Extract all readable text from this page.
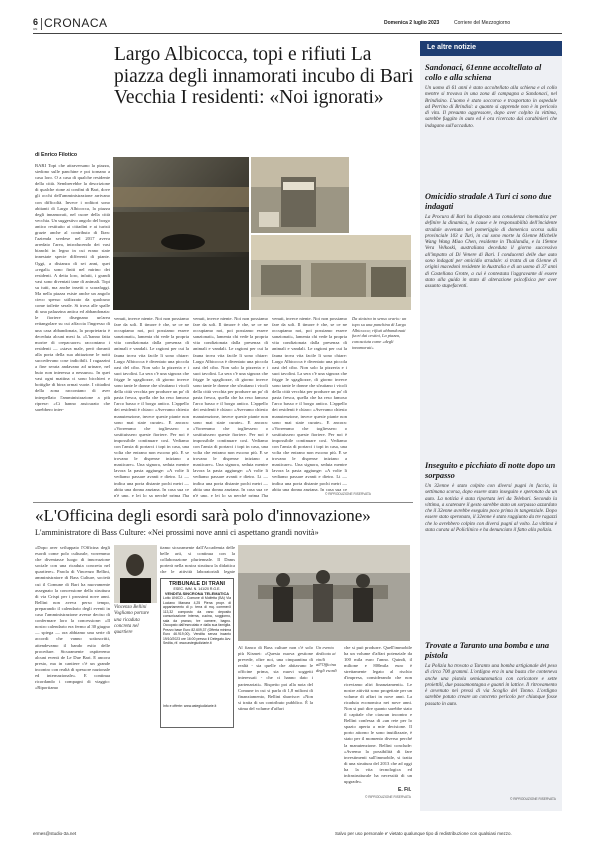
6
UN CRONACA	Domenica 2 luglio 2023	Corriere del Mezzogiorno
Largo Albicocca, topi e rifiuti La piazza degli innamorati incubo di Bari Vecchia I residenti: «Noi ignorati»
di Enrico Filotico
BARI Topi che attraversano la piazza, siedono sulle panchine e poi tornano a casa loro. O a casa di qualche residente della città. Sembrerebbe la descrizione di qualche rione ai confini di Bari, dove gli occhi dell'amministrazione arrivano con difficoltà. Invece i roditori sono abitanti di Largo Albicocca, la piazza degli innamorati, nel cuore della città vecchia. Un suggestivo angolo del borgo antico restituito ai cittadini e ai turisti grazie anche al contributo di Ikea: l'azienda svedese nel 2017 aveva arredato l'area, introducendo dei vasi bianchi in legno in cui erano state innestate specie differenti di piante. Oggi, a distanza di sei anni, quei «regali» sono finiti nel mirino dei residenti. A detta loro, infatti, i grandi vasi sono diventati tane di animali. Topi su tutti, ma anche insetti o scarafaggi. Ma nella piazza esiste anche un angolo cieco spesso utilizzato da qualcuno come toilette serale. Si trova alle spalle di una palazzina antica ed abbandonata: le fioriere disegnano un'area rettangolare su cui affaccia l'ingresso di una casa abbandonata, la proprietaria è deceduta alcuni mesi fa. «L'hanno fatta morire di crepacuore» raccontano i residenti — «stava male, però davanti alla porta della sua abitazione le notti succedevano cose indicibili. I ragazzini a fine serata andavano ad urinare, nel buio non interessa a nessuno». In quei vasi ogni mattina ci sono bicchieri e bottiglie di birra ormai vuote. I cittadini della zona raccontano di aver interpellato l'amministrazione a più riprese: «Ci hanno assicurato che sarebbero inter-
venuti, invece niente. Noi non possiamo fare da soli. Il timore è che, se ce ne occupiamo noi, poi possiamo essere sanzionati», lamenta chi vede la propria vita condizionata dalla presenza di animali e vandali. Le ragioni per cui la fauna trova vita facile lì sono chiare: Largo Albicocca è diventato una piccola oasi del cibo. Non solo la pizzeria e i suoi tavolini. La sera c'è una signora che frigge le sgagliozze, di giorno invece sono tante le donne che sfruttano i vicoli della città vecchia per produrre un po' di pasta fresca, quella che ha reso famoso l'arco basso e il borgo antico. L'appello dei residenti è chiaro: «Avevamo chiesto manutenzione, invece queste piante non sono mai state curate». E ancora: «Vorremmo che togliessero o sostituissero queste fioriere. Per noi è impossibile continuare così. Vediamo con l'ansia di portarci i topi in casa, una volta che entrano non escono più. E se trovano le dispense iniziano a masticare». Una signora, seduta mentre lavora la pasta aggiunge: «A volte li vediamo passare avanti e dietro. Li — indica una porta distante pochi metri — abita una donna anziana. In casa sua ce n'è uno, e lei lo sa perché prima l'ha
venuti, invece niente. Noi non possiamo fare da soli. Il timore è che, se ce ne occupiamo noi, poi possiamo essere sanzionati», lamenta chi vede la propria vita condizionata dalla presenza di animali e vandali. Le ragioni per cui la fauna trova vita facile lì sono chiare: Largo Albicocca è diventato una piccola oasi del cibo. Non solo la pizzeria e i suoi tavolini. La sera c'è una signora che frigge le sgagliozze, di giorno invece sono tante le donne che sfruttano i vicoli della città vecchia per produrre un po' di pasta fresca, quella che ha reso famoso l'arco basso e il borgo antico. L'appello dei residenti è chiaro: «Avevamo chiesto manutenzione, invece queste piante non sono mai state curate». E ancora: «Vorremmo che togliessero o sostituissero queste fioriere. Per noi è impossibile continuare così. Vediamo con l'ansia di portarci i topi in casa, una volta che entrano non escono più. E se trovano le dispense iniziano a masticare». Una signora, seduta mentre lavora la pasta aggiunge: «A volte li vediamo passare avanti e dietro. Li — indica una porta distante pochi metri — abita una donna anziana. In casa sua ce n'è uno, e lei lo sa perché prima l'ha
venuti, invece niente. Noi non possiamo fare da soli. Il timore è che, se ce ne occupiamo noi, poi possiamo essere sanzionati», lamenta chi vede la propria vita condizionata dalla presenza di animali e vandali. Le ragioni per cui la fauna trova vita facile lì sono chiare: Largo Albicocca è diventato una piccola oasi del cibo. Non solo la pizzeria e i suoi tavolini. La sera c'è una signora che frigge le sgagliozze, di giorno invece sono tante le donne che sfruttano i vicoli della città vecchia per produrre un po' di pasta fresca, quella che ha reso famoso l'arco basso e il borgo antico. L'appello dei residenti è chiaro: «Avevamo chiesto manutenzione, invece queste piante non sono mai state curate». E ancora: «Vorremmo che togliessero o sostituissero queste fioriere. Per noi è impossibile continuare così. Vediamo con l'ansia di portarci i topi in casa, una volta che entrano non escono più. E se trovano le dispense iniziano a masticare». Una signora, seduta mentre lavora la pasta aggiunge: «A volte li vediamo passare avanti e dietro. Li — indica una porta distante pochi metri — abita una donna anziana. In casa sua ce
Da sinistra in senso orario: un topo su una panchina di Largo Albicocca; rifiuti abbandonati fuori dai cestini, La piazza, conosciuta come «degli innamorati»
© RIPRODUZIONE RISERVATA
«L'Officina degli esordi sarà polo d'innovazione»
L'amministratore di Bass Culture: «Nei prossimi nove anni ci aspettano grandi novità»
«Dopo aver sviluppato l'Officina degli esordi come polo culturale, vorremmo che diventasse luogo di innovazione sociale con una ricaduta concreta nel quartiere». Parola di Vincenzo Bellini, amministratore di Bass Culture, società cui il Comune di Bari ha nuovamente assegnato la concessione della struttura di via Crispi per i prossimi nove anni. Bellini non aveva perso tempo, preparando il calendario degli eventi in caso l'amministrazione avesse deciso di confermare loro la concessione: «Il nostro calendario era fermo al 30 giugno — spiega — ora abbiamo una serie di accordi che vanno sottoscritti, attendevamo il bando esito delle procedure. Sicuramente ospiteremo alcuni eventi de Le Due Bari. E ancora presto, ma in cantiere c'è un grande incontro con realtà di spessore nazionale ed internazionale». E continua ricordando i compagni di viaggio: «Riportiamo
Vincenzo Bellini Vogliamo portare una ricaduta concreta nel quartiere
tiamo sicuramente dall'Accademia delle belle arti, si continua con la collaborazione pluriennale. Il Dams porterà nella nostra struttura la didattica che le attività laboratoriali legate
TRIBUNALE DI TRANI
ESEC. IMM. N. 141/20 R.G.E.
VENDITA SINCRONA TELEMATICA
Lotto UNICO – Comune di Molfetta (BA) Via Luciano Manara 4,25 Piena propr. di appartamento di p. terra di mq. commer.li 113,32 composto da vano deposito comunicazione interna, cucina, soggiorno, sala da pranzo, tre camere, bagno. Occupato dall'esecutato e dalla sua famiglia. Prezzo base Euro 82.609,37 (Offerta minima Euro 46.919,00). Vendita senza incanto 19/10/2023 ore 16:00 presso il Delegato Avv. Sedita, rif. www.astegiudiziarie.it
Info e offerte: www.astegiudiziarie.it
Al fianco di Bass culture non c'è solo più Kismet: «Questa nuova gestione prevede, oltre noi, una cinquantina di realtà - sia quelle che abitavano le officine prima, sia nuovi soggetti interessati - che ci hanno dato i partenariati». Rispetto poi alla nota del Comune in cui si parla di 1,8 milioni di finanziamento, Bellini sbarrisce: «Non si tratta di un contributo pubblico. È la stima del volume d'affari
Un evento dedicato ai vinili all'Officina degli esordi
che si può produrre. Quell'immobile ha un volume d'affari potenziale da 100 mila euro l'anno. Quindi, il milione e 800mila euro è strettamente legato al rischio d'impresa, considerando che non riceviamo altri finanziamenti». Le nostre attività sono progettate per un volume di affari in nove anni. La ricaduta economica nei nove anni. Non si può dire quanto sarebbe stato il capitale che ciascun incontro e Bellini confessa di «un rete per lo spazio aperta a mie decisione. Il porto attorno le sono inutilizzate, è stato per il momento diverso perché la manutenzione. Bellini conclude: «Avremo la possibilità di fare investimenti sull'immobile, si tratta di una struttura del 2013 che ad oggi ha la vita tecnologica ed infrastrutturale ha necessità di un upgrade».
E. Fil.
© RIPRODUZIONE RISERVATA
Le altre notizie
Sandonaci, 61enne accoltellato al collo e alla schiena
Un uomo di 61 anni è stato accoltellato alla schiena e al collo mentre si trovava in una zona di campagna a Sandonaci, nel Brindisino. L'uomo è stato soccorso e trasportato in ospedale ad Perrino di Brindisi: a quanto si apprende non è in pericolo di vita. Il presunto aggressore, dopo aver colpito la vittima, sarebbe fuggito in auto ed è ora ricercato dai carabinieri che indagano sull'accaduto.
Omicidio stradale A Turi ci sono due indagati
La Procura di Bari ha disposto una consulenza cinematica per definire la dinamica, le cause e le responsabilità dell'incidente stradale avvenuto nel pomeriggio di domenica scorsa sulla provinciale 103 a Turi, in cui sono morte la 61enne Michelle Wang Wang Miao Chen, residente in Thailandia, e la 19enne Vera Velkoski, australiana deceduta il giorno successivo all'impatto al Di Venere di Bari. I conducenti delle due auto sono indagati per omicidio stradale: si tratta di un 61enne di origini macedoni residente in Australia e di un uomo di 37 anni di Castellana Grotte, a cui è contestata l'aggravante di essere stato alla guida in stato di alterazione psicofisica per aver assunto stupefacenti.
Inseguito e picchiato di notte dopo un sorpasso
Un 32enne è stato colpito con diversi pugni in faccia, la settimana scorsa, dopo essere stato inseguito e speronato da un auto. La notizia è stata riportata ieri da Telebari. Secondo la vittima, a scatenare il gesto sarebbe stato un sorpasso azzardato che il 32enne avrebbe eseguito poco prima in tangenziale. Dopo essere stato speronato, il 32enne è stato raggiunto da tre ragazzi che lo avrebbero colpito con diversi pugni al volto. La vittima è stata curata al Policlinico e ha denunciato il fatto alla polizia.
Trovate a Taranto una bomba e una pistola
La Polizia ha trovato a Taranto una bomba artigianale del peso di circa 700 grammi. L'ordigno era in una busta che conteneva anche una pistola semiautomatica con caricatore e sette proiettili, due passamontagna e guanti in lattice. Il ritrovamento è avvenuto nei pressi di via Scoglio del Tonno. L'ordigno sarebbe potuto creare un concreto pericolo per chiunque fosse passato in auto.
© RIPRODUZIONE RISERVATA
ermes@studio-3a.net	Salvo per uso personale e' vietato qualunque tipo di redistribuzione con qualsiasi mezzo.
